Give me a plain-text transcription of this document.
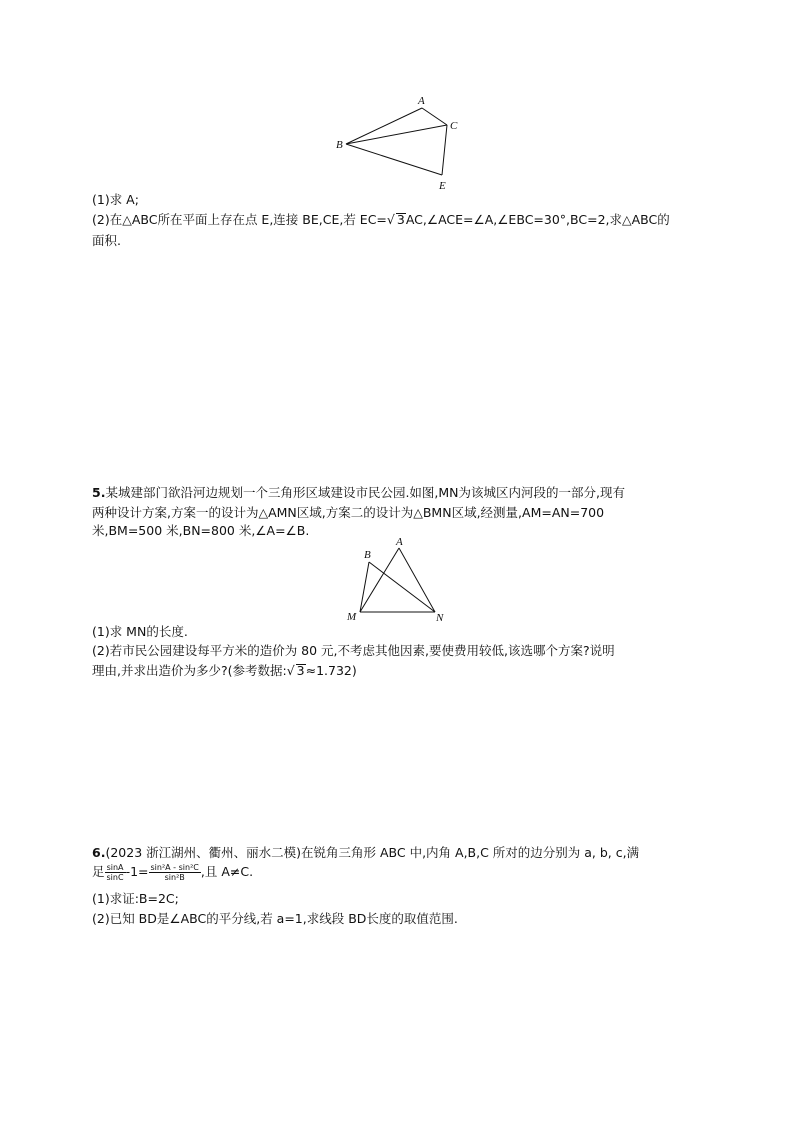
A
B
C
E
(1)求 A;
(2)在△ABC所在平面上存在点 E,连接 BE,CE,若 EC=√ 3AC,∠ACE=∠A,∠EBC=30°,BC=2,求△ABC的
面积.
5.某城建部门欲沿河边规划一个三角形区域建设市民公园.如图,MN为该城区内河段的一部分,现有
两种设计方案,方案一的设计为△AMN区域,方案二的设计为△BMN区域,经测量,AM=AN=700
米,BM=500 米,BN=800 米,∠A=∠B.
A
B
M	N
(1)求 MN的长度.
(2)若市民公园建设每平方米的造价为 80 元,不考虑其他因素,要使费用较低,该选哪个方案?说明
理由,并求出造价为多少?(参考数据:√ 3≈1.732)
6.(2023 浙江湖州、衢州、丽水二模)在锐角三角形 ABC 中,内角 A,B,C 所对的边分别为 a, b, c,满
足 $\frac{\sin A}{\sin C} -1= \frac{\text{sin²A - sin²C}}{\text{sin²B}}$ ,且 A≠C.
(1)求证:B=2C;
(2)已知 BD是∠ABC的平分线,若 a=1,求线段 BD长度的取值范围.
